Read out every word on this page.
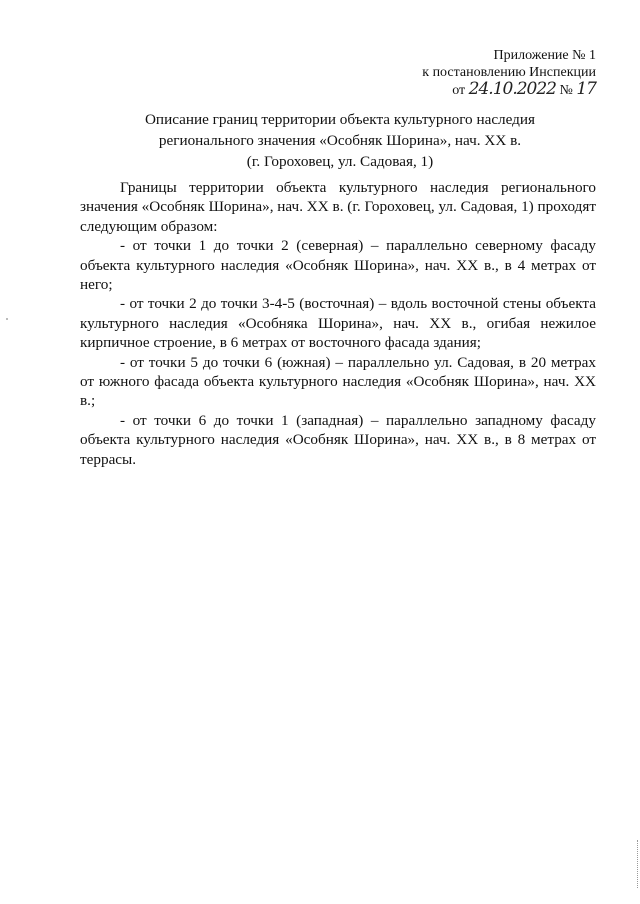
Приложение № 1
к постановлению Инспекции
от 24.10.2022 № 17
Описание границ территории объекта культурного наследия
регионального значения «Особняк Шорина», нач. XX в.
(г. Гороховец, ул. Садовая, 1)

Границы территории объекта культурного наследия регионального значения «Особняк Шорина», нач. XX в. (г. Гороховец, ул. Садовая, 1) проходят следующим образом:

- от точки 1 до точки 2 (северная) – параллельно северному фасаду объекта культурного наследия «Особняк Шорина», нач. XX в., в 4 метрах от него;

- от точки 2 до точки 3-4-5 (восточная) – вдоль восточной стены объекта культурного наследия «Особняка Шорина», нач. XX в., огибая нежилое кирпичное строение, в 6 метрах от восточного фасада здания;

- от точки 5 до точки 6 (южная) – параллельно ул. Садовая, в 20 метрах от южного фасада объекта культурного наследия «Особняк Шорина», нач. XX в.;

- от точки 6 до точки 1 (западная) – параллельно западному фасаду объекта культурного наследия «Особняк Шорина», нач. XX в., в 8 метрах от террасы.
